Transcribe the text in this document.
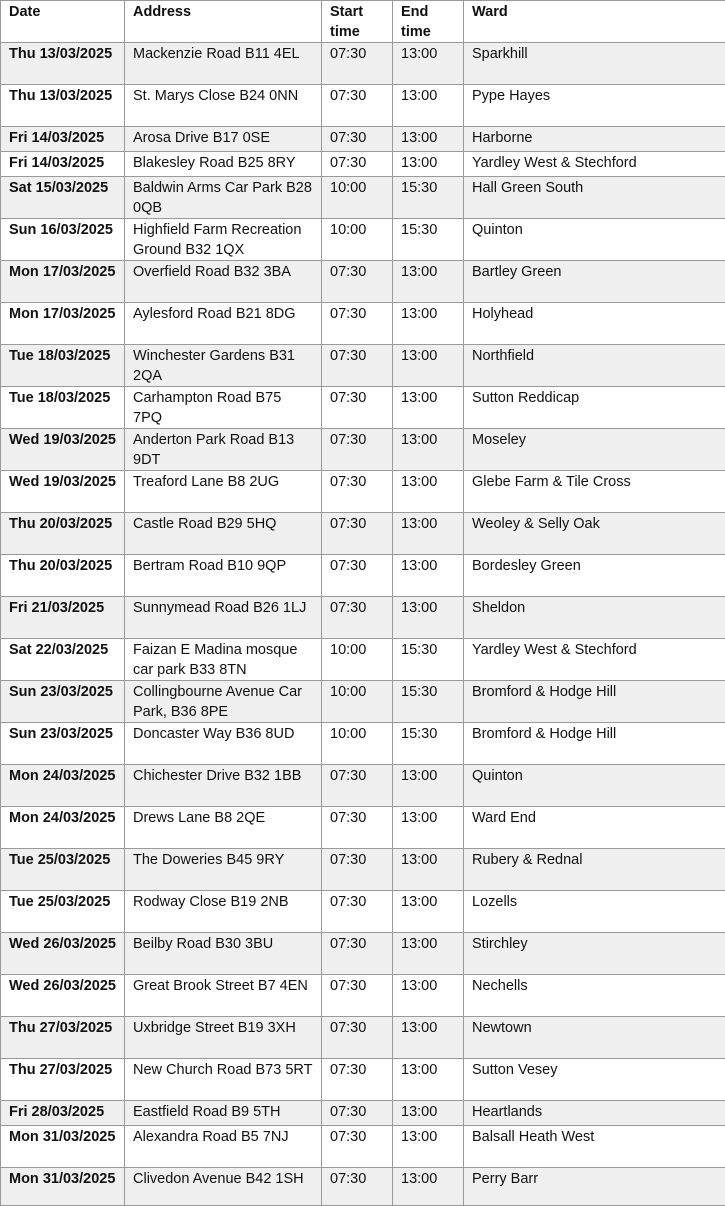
Date	Address	Start time	End time	Ward
Thu 13/03/2025	Mackenzie Road B11 4EL	07:30	13:00	Sparkhill
Thu 13/03/2025	St. Marys Close B24 0NN	07:30	13:00	Pype Hayes
Fri 14/03/2025	Arosa Drive B17 0SE	07:30	13:00	Harborne
Fri 14/03/2025	Blakesley Road B25 8RY	07:30	13:00	Yardley West & Stechford
Sat 15/03/2025	Baldwin Arms Car Park B28 0QB	10:00	15:30	Hall Green South
Sun 16/03/2025	Highfield Farm Recreation Ground B32 1QX	10:00	15:30	Quinton
Mon 17/03/2025	Overfield Road B32 3BA	07:30	13:00	Bartley Green
Mon 17/03/2025	Aylesford Road B21 8DG	07:30	13:00	Holyhead
Tue 18/03/2025	Winchester Gardens B31 2QA	07:30	13:00	Northfield
Tue 18/03/2025	Carhampton Road B75 7PQ	07:30	13:00	Sutton Reddicap
Wed 19/03/2025	Anderton Park Road B13 9DT	07:30	13:00	Moseley
Wed 19/03/2025	Treaford Lane B8 2UG	07:30	13:00	Glebe Farm & Tile Cross
Thu 20/03/2025	Castle Road B29 5HQ	07:30	13:00	Weoley & Selly Oak
Thu 20/03/2025	Bertram Road B10 9QP	07:30	13:00	Bordesley Green
Fri 21/03/2025	Sunnymead Road B26 1LJ	07:30	13:00	Sheldon
Sat 22/03/2025	Faizan E Madina mosque car park B33 8TN	10:00	15:30	Yardley West & Stechford
Sun 23/03/2025	Collingbourne Avenue Car Park, B36 8PE	10:00	15:30	Bromford & Hodge Hill
Sun 23/03/2025	Doncaster Way B36 8UD	10:00	15:30	Bromford & Hodge Hill
Mon 24/03/2025	Chichester Drive B32 1BB	07:30	13:00	Quinton
Mon 24/03/2025	Drews Lane B8 2QE	07:30	13:00	Ward End
Tue 25/03/2025	The Doweries B45 9RY	07:30	13:00	Rubery & Rednal
Tue 25/03/2025	Rodway Close B19 2NB	07:30	13:00	Lozells
Wed 26/03/2025	Beilby Road B30 3BU	07:30	13:00	Stirchley
Wed 26/03/2025	Great Brook Street B7 4EN	07:30	13:00	Nechells
Thu 27/03/2025	Uxbridge Street B19 3XH	07:30	13:00	Newtown
Thu 27/03/2025	New Church Road B73 5RT	07:30	13:00	Sutton Vesey
Fri 28/03/2025	Eastfield Road B9 5TH	07:30	13:00	Heartlands
Mon 31/03/2025	Alexandra Road B5 7NJ	07:30	13:00	Balsall Heath West
Mon 31/03/2025	Clivedon Avenue B42 1SH	07:30	13:00	Perry Barr
